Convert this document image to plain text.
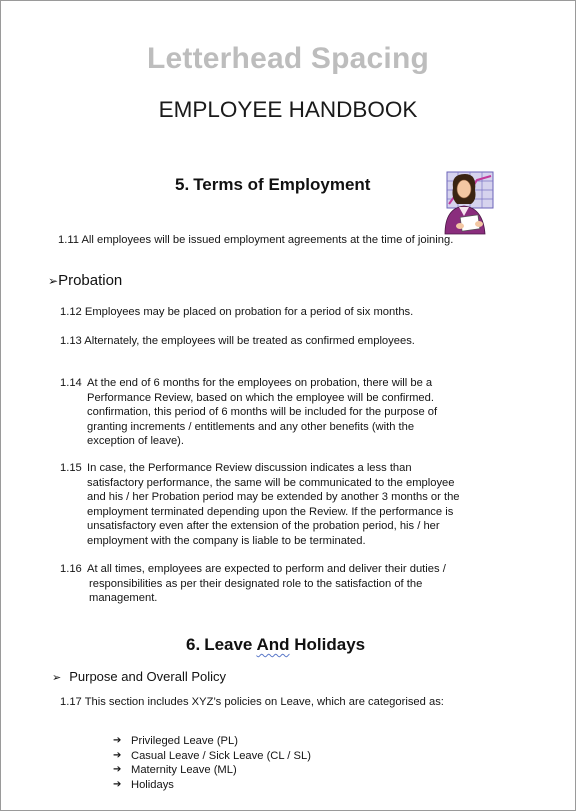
Letterhead Spacing
EMPLOYEE HANDBOOK
5. Terms of Employment
1.11 All employees will be issued employment agreements at the time of joining.
➢Probation
1.12 Employees may be placed on probation for a period of six months.
1.13 Alternately, the employees will be treated as confirmed employees.
1.14 At the end of 6 months for the employees on probation, there will be a
Performance Review, based on which the employee will be confirmed.
confirmation, this period of 6 months will be included for the purpose of
granting increments / entitlements and any other benefits (with the
exception of leave).
1.15 In case, the Performance Review discussion indicates a less than
satisfactory performance, the same will be communicated to the employee
and his / her Probation period may be extended by another 3 months or the
employment terminated depending upon the Review. If the performance is
unsatisfactory even after the extension of the probation period, his / her
employment with the company is liable to be terminated.
1.16 At all times, employees are expected to perform and deliver their duties /
responsibilities as per their designated role to the satisfaction of the
management.
6. Leave And Holidays
➢ Purpose and Overall Policy
1.17 This section includes XYZ’s policies on Leave, which are categorised as:
➔ Privileged Leave (PL)
➔ Casual Leave / Sick Leave (CL / SL)
➔ Maternity Leave (ML)
➔ Holidays
